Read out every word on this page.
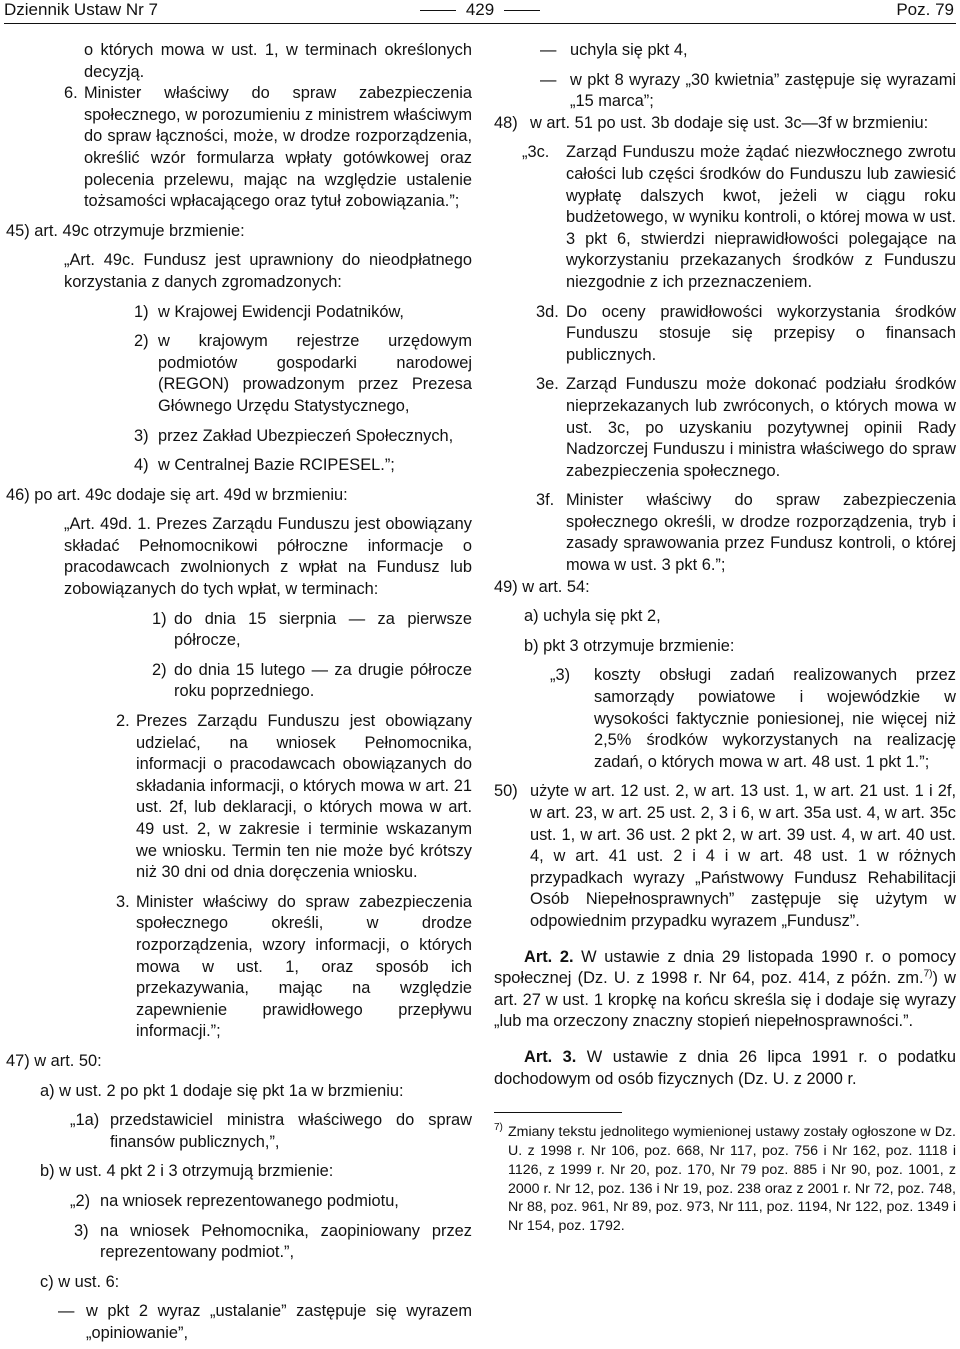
Dziennik Ustaw Nr 7	429	Poz. 79

o których mowa w ust. 1, w terminach określonych decyzją.

6. Minister właściwy do spraw zabezpieczenia społecznego, w porozumieniu z ministrem właściwym do spraw łączności, może, w drodze rozporządzenia, określić wzór formularza wpłaty gotówkowej oraz polecenia przelewu, mając na względzie ustalenie tożsamości wpłacającego oraz tytuł zobowiązania.”;

45) art. 49c otrzymuje brzmienie:

„Art. 49c. Fundusz jest uprawniony do nieodpłatnego korzystania z danych zgromadzonych:

1) w Krajowej Ewidencji Podatników,

2) w krajowym rejestrze urzędowym podmiotów gospodarki narodowej (REGON) prowadzonym przez Prezesa Głównego Urzędu Statystycznego,

3) przez Zakład Ubezpieczeń Społecznych,

4) w Centralnej Bazie RCIPESEL.”;

46) po art. 49c dodaje się art. 49d w brzmieniu:

„Art. 49d. 1. Prezes Zarządu Funduszu jest obowiązany składać Pełnomocnikowi półroczne informacje o pracodawcach zwolnionych z wpłat na Fundusz lub zobowiązanych do tych wpłat, w terminach:

1) do dnia 15 sierpnia — za pierwsze półrocze,

2) do dnia 15 lutego — za drugie półrocze roku poprzedniego.

2. Prezes Zarządu Funduszu jest obowiązany udzielać, na wniosek Pełnomocnika, informacji o pracodawcach obowiązanych do składania informacji, o których mowa w art. 21 ust. 2f, lub deklaracji, o których mowa w art. 49 ust. 2, w zakresie i terminie wskazanym we wniosku. Termin ten nie może być krótszy niż 30 dni od dnia doręczenia wniosku.

3. Minister właściwy do spraw zabezpieczenia społecznego określi, w drodze rozporządzenia, wzory informacji, o których mowa w ust. 1, oraz sposób ich przekazywania, mając na względzie zapewnienie prawidłowego przepływu informacji.”;

47) w art. 50:

a) w ust. 2 po pkt 1 dodaje się pkt 1a w brzmieniu:

„1a) przedstawiciel ministra właściwego do spraw finansów publicznych,”,

b) w ust. 4 pkt 2 i 3 otrzymują brzmienie:

„2) na wniosek reprezentowanego podmiotu,

3) na wniosek Pełnomocnika, zaopiniowany przez reprezentowany podmiot.”,

c) w ust. 6:

— w pkt 2 wyraz „ustalanie” zastępuje się wyrazem „opiniowanie”,

— uchyla się pkt 4,

— w pkt 8 wyrazy „30 kwietnia” zastępuje się wyrazami „15 marca”;

48) w art. 51 po ust. 3b dodaje się ust. 3c—3f w brzmieniu:

„3c. Zarząd Funduszu może żądać niezwłocznego zwrotu całości lub części środków do Funduszu lub zawiesić wypłatę dalszych kwot, jeżeli w ciągu roku budżetowego, w wyniku kontroli, o której mowa w ust. 3 pkt 6, stwierdzi nieprawidłowości polegające na wykorzystaniu przekazanych środków z Funduszu niezgodnie z ich przeznaczeniem.

3d. Do oceny prawidłowości wykorzystania środków Funduszu stosuje się przepisy o finansach publicznych.

3e. Zarząd Funduszu może dokonać podziału środków nieprzekazanych lub zwróconych, o których mowa w ust. 3c, po uzyskaniu pozytywnej opinii Rady Nadzorczej Funduszu i ministra właściwego do spraw zabezpieczenia społecznego.

3f. Minister właściwy do spraw zabezpieczenia społecznego określi, w drodze rozporządzenia, tryb i zasady sprawowania przez Fundusz kontroli, o której mowa w ust. 3 pkt 6.”;

49) w art. 54:

a) uchyla się pkt 2,

b) pkt 3 otrzymuje brzmienie:

„3) koszty obsługi zadań realizowanych przez samorządy powiatowe i wojewódzkie w wysokości faktycznie poniesionej, nie więcej niż 2,5% środków wykorzystanych na realizację zadań, o których mowa w art. 48 ust. 1 pkt 1.”;

50) użyte w art. 12 ust. 2, w art. 13 ust. 1, w art. 21 ust. 1 i 2f, w art. 23, w art. 25 ust. 2, 3 i 6, w art. 35a ust. 4, w art. 35c ust. 1, w art. 36 ust. 2 pkt 2, w art. 39 ust. 4, w art. 40 ust. 4, w art. 41 ust. 2 i 4 i w art. 48 ust. 1 w różnych przypadkach wyrazy „Państwowy Fundusz Rehabilitacji Osób Niepełnosprawnych” zastępuje się użytym w odpowiednim przypadku wyrazem „Fundusz”.

Art. 2. W ustawie z dnia 29 listopada 1990 r. o pomocy społecznej (Dz. U. z 1998 r. Nr 64, poz. 414, z późn. zm.$^{7)}$) w art. 27 w ust. 1 kropkę na końcu skreśla się i dodaje się wyrazy „lub ma orzeczony znaczny stopień niepełnosprawności.”.

Art. 3. W ustawie z dnia 26 lipca 1991 r. o podatku dochodowym od osób fizycznych (Dz. U. z 2000 r.

7) Zmiany tekstu jednolitego wymienionej ustawy zostały ogłoszone w Dz. U. z 1998 r. Nr 106, poz. 668, Nr 117, poz. 756 i Nr 162, poz. 1118 i 1126, z 1999 r. Nr 20, poz. 170, Nr 79 poz. 885 i Nr 90, poz. 1001, z 2000 r. Nr 12, poz. 136 i Nr 19, poz. 238 oraz z 2001 r. Nr 72, poz. 748, Nr 88, poz. 961, Nr 89, poz. 973, Nr 111, poz. 1194, Nr 122, poz. 1349 i Nr 154, poz. 1792.
